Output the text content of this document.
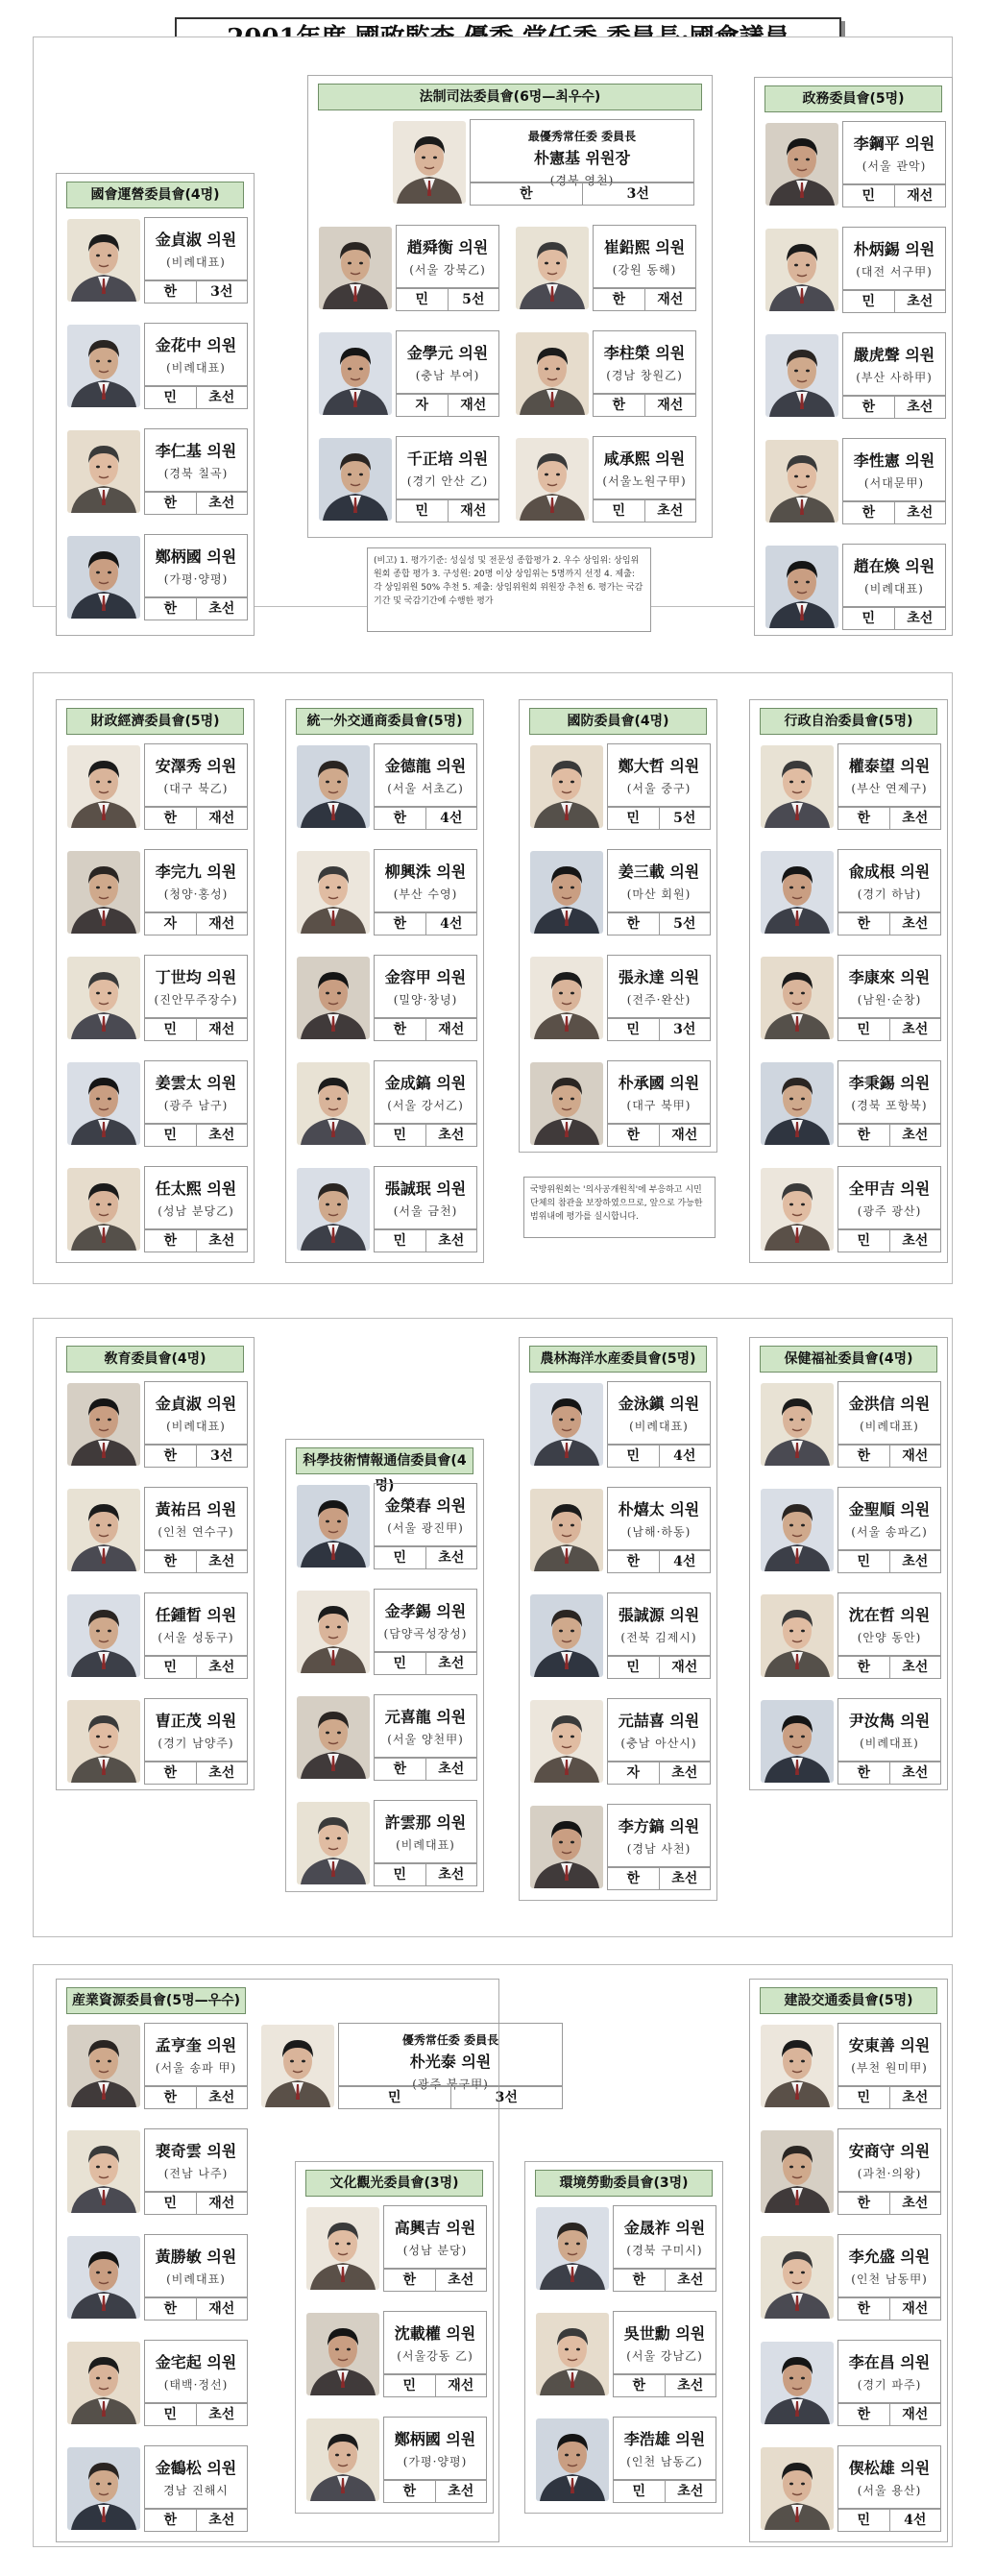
國會運營委員會(4명)
金貞淑 의원
(비례대표)
한	3선
金花中 의원
(비례대표)
민	초선
李仁基 의원
(경북 칠곡)
한	초선
鄭柄國 의원
(가평·양평)
한	초선
法制司法委員會(6명—최우수)
最優秀常任委 委員長
朴憲基 위원장
(경북 영천)
한	3선
趙舜衡 의원
(서울 강북乙)
민	5선
崔鉛熙 의원
(강원 동해)
한	재선
金學元 의원
(충남 부여)
자	재선
李柱榮 의원
(경남 창원乙)
한	재선
千正培 의원
(경기 안산 乙)
민	재선
咸承熙 의원
(서울노원구甲)
민	초선
政務委員會(5명)
李鋼平 의원
(서울 관악)
민	재선
朴炳錫 의원
(대전 서구甲)
민	초선
嚴虎聲 의원
(부산 사하甲)
한	초선
李性憲 의원
(서대문甲)
한	초선
趙在煥 의원
(비례대표)
민	초선
財政經濟委員會(5명)
安澤秀 의원
(대구 북乙)
한	재선
李完九 의원
(청양·홍성)
자	재선
丁世均 의원
(진안무주장수)
민	재선
姜雲太 의원
(광주 남구)
민	초선
任太熙 의원
(성남 분당乙)
한	초선
統一外交通商委員會(5명)
金德龍 의원
(서울 서초乙)
한	4선
柳興洙 의원
(부산 수영)
한	4선
金容甲 의원
(밀양·창녕)
한	재선
金成鎬 의원
(서울 강서乙)
민	초선
張誠珉 의원
(서울 금천)
민	초선
國防委員會(4명)
鄭大哲 의원
(서울 중구)
민	5선
姜三載 의원
(마산 회원)
한	5선
張永達 의원
(전주·완산)
민	3선
朴承國 의원
(대구 북甲)
한	재선
行政自治委員會(5명)
權泰望 의원
(부산 연제구)
한	초선
兪成根 의원
(경기 하남)
한	초선
李康來 의원
(남원·순창)
민	초선
李秉錫 의원
(경북 포항북)
한	초선
全甲吉 의원
(광주 광산)
민	초선
敎育委員會(4명)
金貞淑 의원
(비례대표)
한	3선
黃祐呂 의원
(인천 연수구)
한	초선
任鍾晳 의원
(서울 성동구)
민	초선
曺正茂 의원
(경기 남양주)
한	초선
科學技術情報通信委員會(4명)
金榮春 의원
(서울 광진甲)
민	초선
金孝錫 의원
(담양곡성장성)
민	초선
元喜龍 의원
(서울 양천甲)
한	초선
許雲那 의원
(비례대표)
민	초선
農林海洋水産委員會(5명)
金泳鎭 의원
(비례대표)
민	4선
朴熺太 의원
(남해·하동)
한	4선
張誠源 의원
(전북 김제시)
민	재선
元喆喜 의원
(충남 아산시)
자	초선
李方鎬 의원
(경남 사천)
한	초선
保健福祉委員會(4명)
金洪信 의원
(비례대표)
한	재선
金聖順 의원
(서울 송파乙)
민	초선
沈在哲 의원
(안양 동안)
한	초선
尹汝雋 의원
(비례대표)
한	초선
産業資源委員會(5명—우수)
優秀常任委 委員長
朴光泰 의원
(광주 북구甲)
민	3선
孟亨奎 의원
(서울 송파 甲)
한	초선
裵奇雲 의원
(전남 나주)
민	재선
黃勝敏 의원
(비례대표)
한	재선
金宅起 의원
(태백·정선)
민	초선
金鶴松 의원
경남 진해시
한	초선
文化觀光委員會(3명)
高興吉 의원
(성남 분당)
한	초선
沈載權 의원
(서울강동 乙)
민	재선
鄭柄國 의원
(가평·양평)
한	초선
環境勞動委員會(3명)
金晟祚 의원
(경북 구미시)
한	초선
吳世勳 의원
(서울 강남乙)
한	초선
李浩雄 의원
(인천 남동乙)
민	초선
建設交通委員會(5명)
安東善 의원
(부천 원미甲)
민	초선
安商守 의원
(과천·의왕)
한	초선
李允盛 의원
(인천 남동甲)
한	재선
李在昌 의원
(경기 파주)
한	재선
偰松雄 의원
(서울 용산)
민	4선
(비고) 1. 평가기준: 성실성 및 전문성 종합평가 2. 우수 상임위: 상임위원회 종합 평가 3. 구성원: 20명 이상 상임위는 5명까지 선정 4. 제출: 각 상임위원 50% 추천 5. 제출: 상임위원회 위원장 추천 6. 평가는 국감기간 및 국감기간에 수행한 평가
국방위원회는 '의사공개원칙'에 부응하고 시민단체의 참관을 보장하였으므로, 앞으로 가능한 범위내에 평가를 실시합니다.
